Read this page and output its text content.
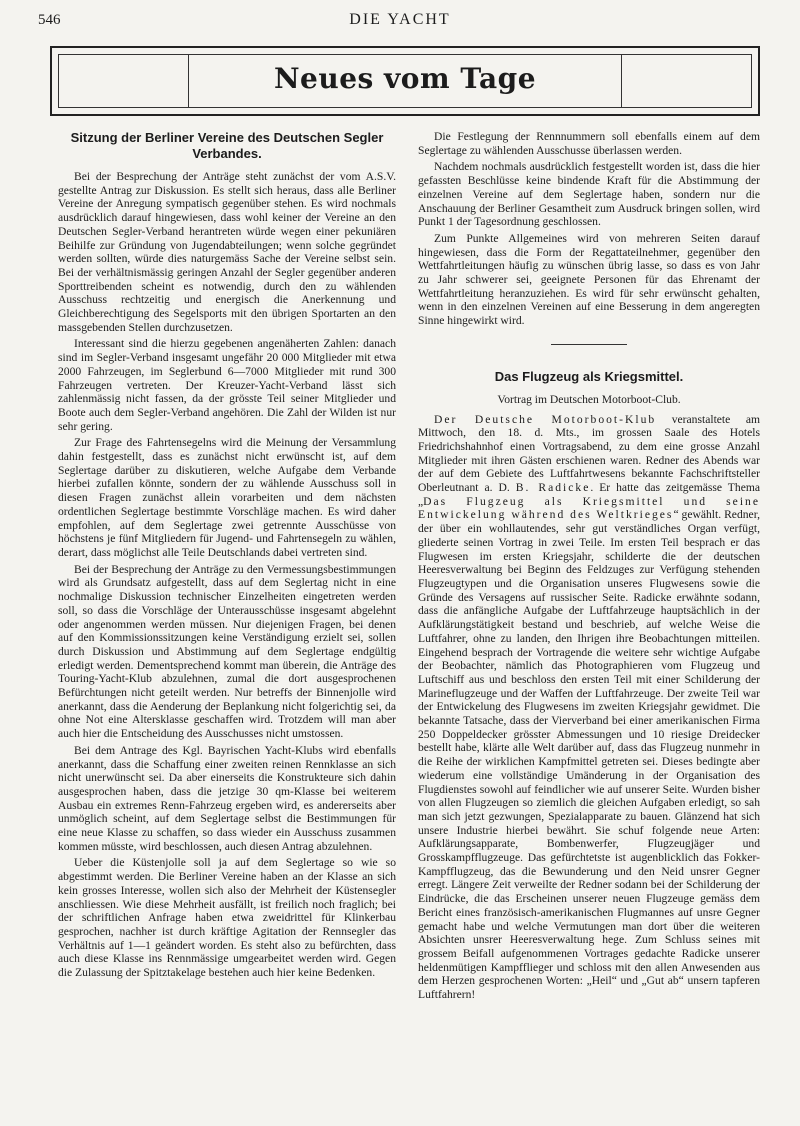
546	DIE YACHT
Neues vom Tage
Sitzung der Berliner Vereine des Deutschen Segler Verbandes.

Bei der Besprechung der Anträge steht zunächst der vom A.S.V. gestellte Antrag zur Diskussion. Es stellt sich heraus, dass alle Berliner Vereine der Anregung sympatisch gegenüber stehen. Es wird nochmals ausdrücklich darauf hingewiesen, dass wohl keiner der Vereine an den Deutschen Segler-Verband herantreten würde wegen einer pekuniären Beihilfe zur Gründung von Jugendabteilungen; wenn solche gegründet werden sollten, würde dies naturgemäss Sache der Vereine selbst sein. Bei der verhältnismässig geringen Anzahl der Segler gegenüber anderen Sporttreibenden scheint es notwendig, durch den zu wählenden Ausschuss rechtzeitig und energisch die Anerkennung und Gleichberechtigung des Segelsports mit den übrigen Sportarten an den massgebenden Stellen durchzusetzen.

Interessant sind die hierzu gegebenen angenäherten Zahlen: danach sind im Segler-Verband insgesamt ungefähr 20 000 Mitglieder mit etwa 2000 Fahrzeugen, im Seglerbund 6—7000 Mitglieder mit rund 300 Fahrzeugen vertreten. Der Kreuzer-Yacht-Verband lässt sich zahlenmässig nicht fassen, da der grösste Teil seiner Mitglieder und Boote auch dem Segler-Verband angehören. Die Zahl der Wilden ist nur sehr gering.

Zur Frage des Fahrtensegelns wird die Meinung der Versammlung dahin festgestellt, dass es zunächst nicht erwünscht ist, auf dem Seglertage darüber zu diskutieren, welche Aufgabe dem Verbande hierbei zufallen könnte, sondern der zu wählende Ausschuss soll in diesen Fragen zunächst allein vorarbeiten und dem nächsten ordentlichen Seglertage bestimmte Vorschläge machen. Es wird daher empfohlen, auf dem Seglertage zwei getrennte Ausschüsse von höchstens je fünf Mitgliedern für Jugend- und Fahrtensegeln zu wählen, derart, dass möglichst alle Teile Deutschlands dabei vertreten sind.

Bei der Besprechung der Anträge zu den Vermessungsbestimmungen wird als Grundsatz aufgestellt, dass auf dem Seglertag nicht in eine nochmalige Diskussion technischer Einzelheiten eingetreten werden soll, so dass die Vorschläge der Unterausschüsse insgesamt abgelehnt oder angenommen werden müssen. Nur diejenigen Fragen, bei denen auf den Kommissionssitzungen keine Verständigung erzielt sei, sollen durch Diskussion und Abstimmung auf dem Seglertage endgültig erledigt werden. Dementsprechend kommt man überein, die Anträge des Touring-Yacht-Klub abzulehnen, zumal die dort ausgesprochenen Befürchtungen nicht geteilt werden. Nur betreffs der Binnenjolle wird anerkannt, dass die Aenderung der Beplankung nicht folgerichtig sei, da ohne Not eine Altersklasse geschaffen wird. Trotzdem will man aber auch hier die Entscheidung des Ausschusses nicht umstossen.

Bei dem Antrage des Kgl. Bayrischen Yacht-Klubs wird ebenfalls anerkannt, dass die Schaffung einer zweiten reinen Rennklasse an sich nicht unerwünscht sei. Da aber einerseits die Konstrukteure sich dahin ausgesprochen haben, dass die jetzige 30 qm-Klasse bei weiterem Ausbau ein extremes Renn-Fahrzeug ergeben wird, es andererseits aber unmöglich scheint, auf dem Seglertage selbst die Bestimmungen für eine neue Klasse zu schaffen, so dass wieder ein Ausschuss zusammen kommen müsste, wird beschlossen, auch diesen Antrag abzulehnen.

Ueber die Küstenjolle soll ja auf dem Seglertage so wie so abgestimmt werden. Die Berliner Vereine haben an der Klasse an sich kein grosses Interesse, wollen sich also der Mehrheit der Küstensegler anschliessen. Wie diese Mehrheit ausfällt, ist freilich noch fraglich; bei der schriftlichen Anfrage haben etwa zweidrittel für Klinkerbau gesprochen, nachher ist durch kräftige Agitation der Rennsegler das Verhältnis auf 1—1 geändert worden. Es steht also zu befürchten, dass auch diese Klasse ins Rennmässige umgearbeitet werden wird. Gegen die Zulassung der Spitztakelage bestehen auch hier keine Bedenken.

Die Festlegung der Rennnummern soll ebenfalls einem auf dem Seglertage zu wählenden Ausschusse überlassen werden.

Nachdem nochmals ausdrücklich festgestellt worden ist, dass die hier gefassten Beschlüsse keine bindende Kraft für die Abstimmung der einzelnen Vereine auf dem Seglertage haben, sondern nur die Anschauung der Berliner Gesamtheit zum Ausdruck bringen sollen, wird Punkt 1 der Tagesordnung geschlossen.

Zum Punkte Allgemeines wird von mehreren Seiten darauf hingewiesen, dass die Form der Regattateilnehmer, gegenüber den Wettfahrtleitungen häufig zu wünschen übrig lasse, so dass es von Jahr zu Jahr schwerer sei, geeignete Personen für das Ehrenamt der Wettfahrtleitung heranzuziehen. Es wird für sehr erwünscht gehalten, wenn in den einzelnen Vereinen auf eine Besserung in dem angeregten Sinne hingewirkt wird.

Das Flugzeug als Kriegsmittel.
Vortrag im Deutschen Motorboot-Club.

Der Deutsche Motorboot-Klub veranstaltete am Mittwoch, den 18. d. Mts., im grossen Saale des Hotels Friedrichshahnhof einen Vortragsabend, zu dem eine grosse Anzahl Mitglieder mit ihren Gästen erschienen waren. Redner des Abends war der auf dem Gebiete des Luftfahrtwesens bekannte Fachschriftsteller Oberleutnant a. D. B. Radicke. Er hatte das zeitgemässe Thema „Das Flugzeug als Kriegsmittel und seine Entwickelung während des Weltkrieges“ gewählt. Redner, der über ein wohllautendes, sehr gut verständliches Organ verfügt, gliederte seinen Vortrag in zwei Teile. Im ersten Teil besprach er das Flugwesen im ersten Kriegsjahr, schilderte die der deutschen Heeresverwaltung bei Beginn des Feldzuges zur Verfügung stehenden Flugzeugtypen und die Organisation unseres Flugwesens sowie die Gründe des Versagens auf russischer Seite. Radicke erwähnte sodann, dass die anfängliche Aufgabe der Luftfahrzeuge hauptsächlich in der Aufklärungstätigkeit bestand und beschrieb, auf welche Weise die Luftfahrer, ohne zu landen, den Ihrigen ihre Beobachtungen mitteilen. Eingehend besprach der Vortragende die weitere sehr wichtige Aufgabe der Beobachter, nämlich das Photographieren vom Flugzeug und Luftschiff aus und beschloss den ersten Teil mit einer Schilderung der Marineflugzeuge und der Waffen der Luftfahrzeuge. Der zweite Teil war der Entwickelung des Flugwesens im zweiten Kriegsjahr gewidmet. Die bekannte Tatsache, dass der Vierverband bei einer amerikanischen Firma 250 Doppeldecker grösster Abmessungen und 10 riesige Dreidecker bestellt habe, klärte alle Welt darüber auf, dass das Flugzeug nunmehr in die Reihe der wirklichen Kampfmittel getreten sei. Dieses bedingte aber wiederum eine vollständige Umänderung in der Organisation des Flugdienstes sowohl auf feindlicher wie auf unserer Seite. Wurden bisher von allen Flugzeugen so ziemlich die gleichen Aufgaben erledigt, so sah man sich jetzt gezwungen, Spezialapparate zu bauen. Glänzend hat sich unsere Industrie hierbei bewährt. Sie schuf folgende neue Arten: Aufklärungsapparate, Bombenwerfer, Flugzeugjäger und Grosskampfflugzeuge. Das gefürchtetste ist augenblicklich das Fokker-Kampfflugzeug, das die Bewunderung und den Neid unsrer Gegner erregt. Längere Zeit verweilte der Redner sodann bei der Schilderung der Eindrücke, die das Erscheinen unserer neuen Flugzeuge gemäss dem Bericht eines französisch-amerikanischen Flugmannes auf unsre Gegner gemacht habe und welche Vermutungen man dort über die weiteren Absichten unsrer Heeresverwaltung hege. Zum Schluss seines mit grossem Beifall aufgenommenen Vortrages gedachte Radicke unserer heldenmütigen Kampfflieger und schloss mit den allen Anwesenden aus dem Herzen gesprochenen Worten: „Heil“ und „Gut ab“ unsern tapferen Luftfahrern!
